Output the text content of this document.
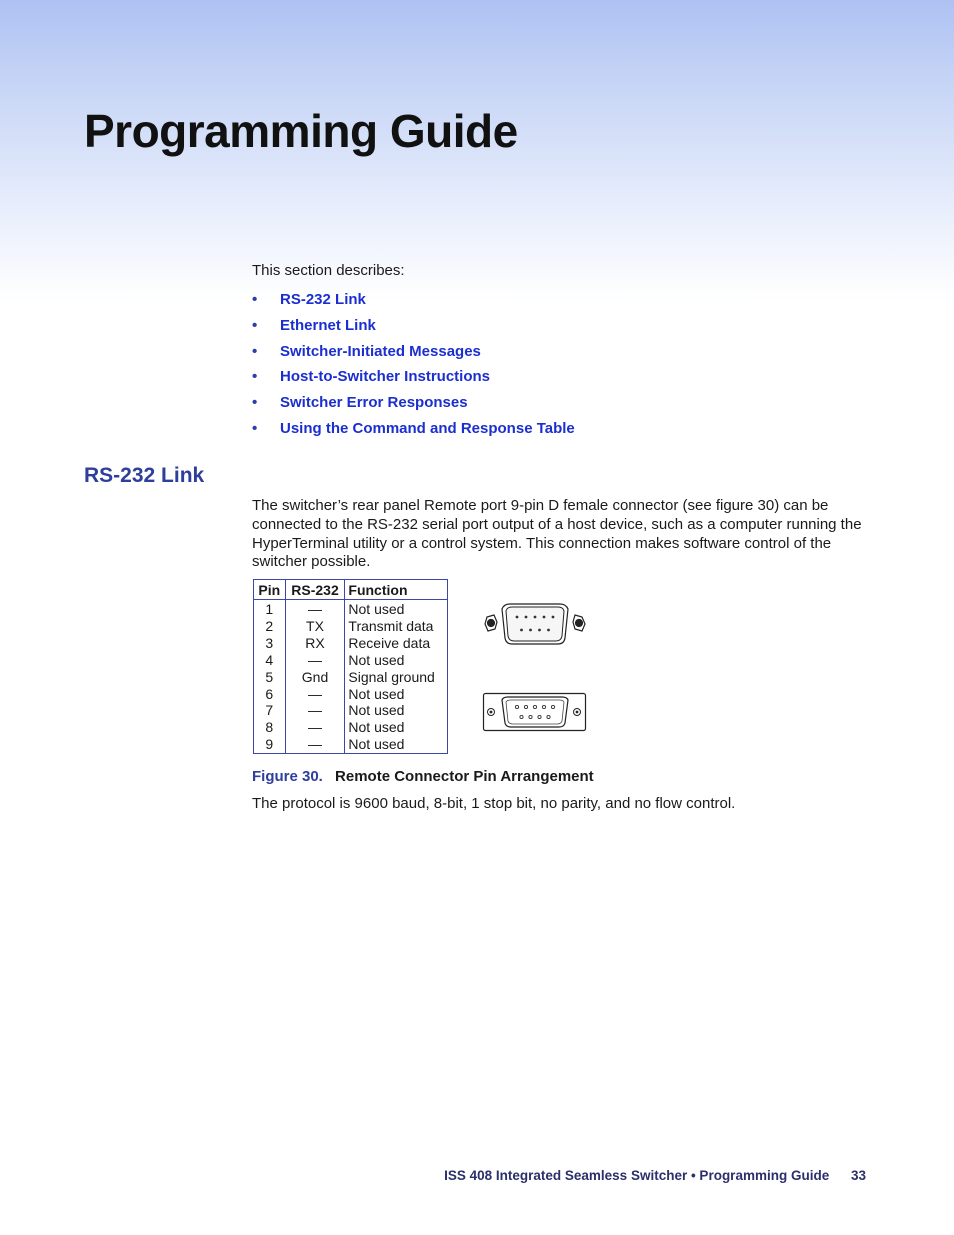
Programming Guide

This section describes:

•	RS-232 Link
•	Ethernet Link
•	Switcher-Initiated Messages
•	Host-to-Switcher Instructions
•	Switcher Error Responses
•	Using the Command and Response Table
RS-232 Link

The switcher’s rear panel Remote port 9-pin D female connector (see figure 30) can be connected to the RS-232 serial port output of a host device, such as a computer running the HyperTerminal utility or a control system. This connection makes software control of the switcher possible.

Pin	RS-232	Function
1	—	Not used
2	TX	Transmit data
3	RX	Receive data
4	—	Not used
5	Gnd	Signal ground
6	—	Not used
7	—	Not used
8	—	Not used
9	—	Not used

Figure 30. Remote Connector Pin Arrangement

The protocol is 9600 baud, 8-bit, 1 stop bit, no parity, and no flow control.

ISS 408 Integrated Seamless Switcher • Programming Guide 33
